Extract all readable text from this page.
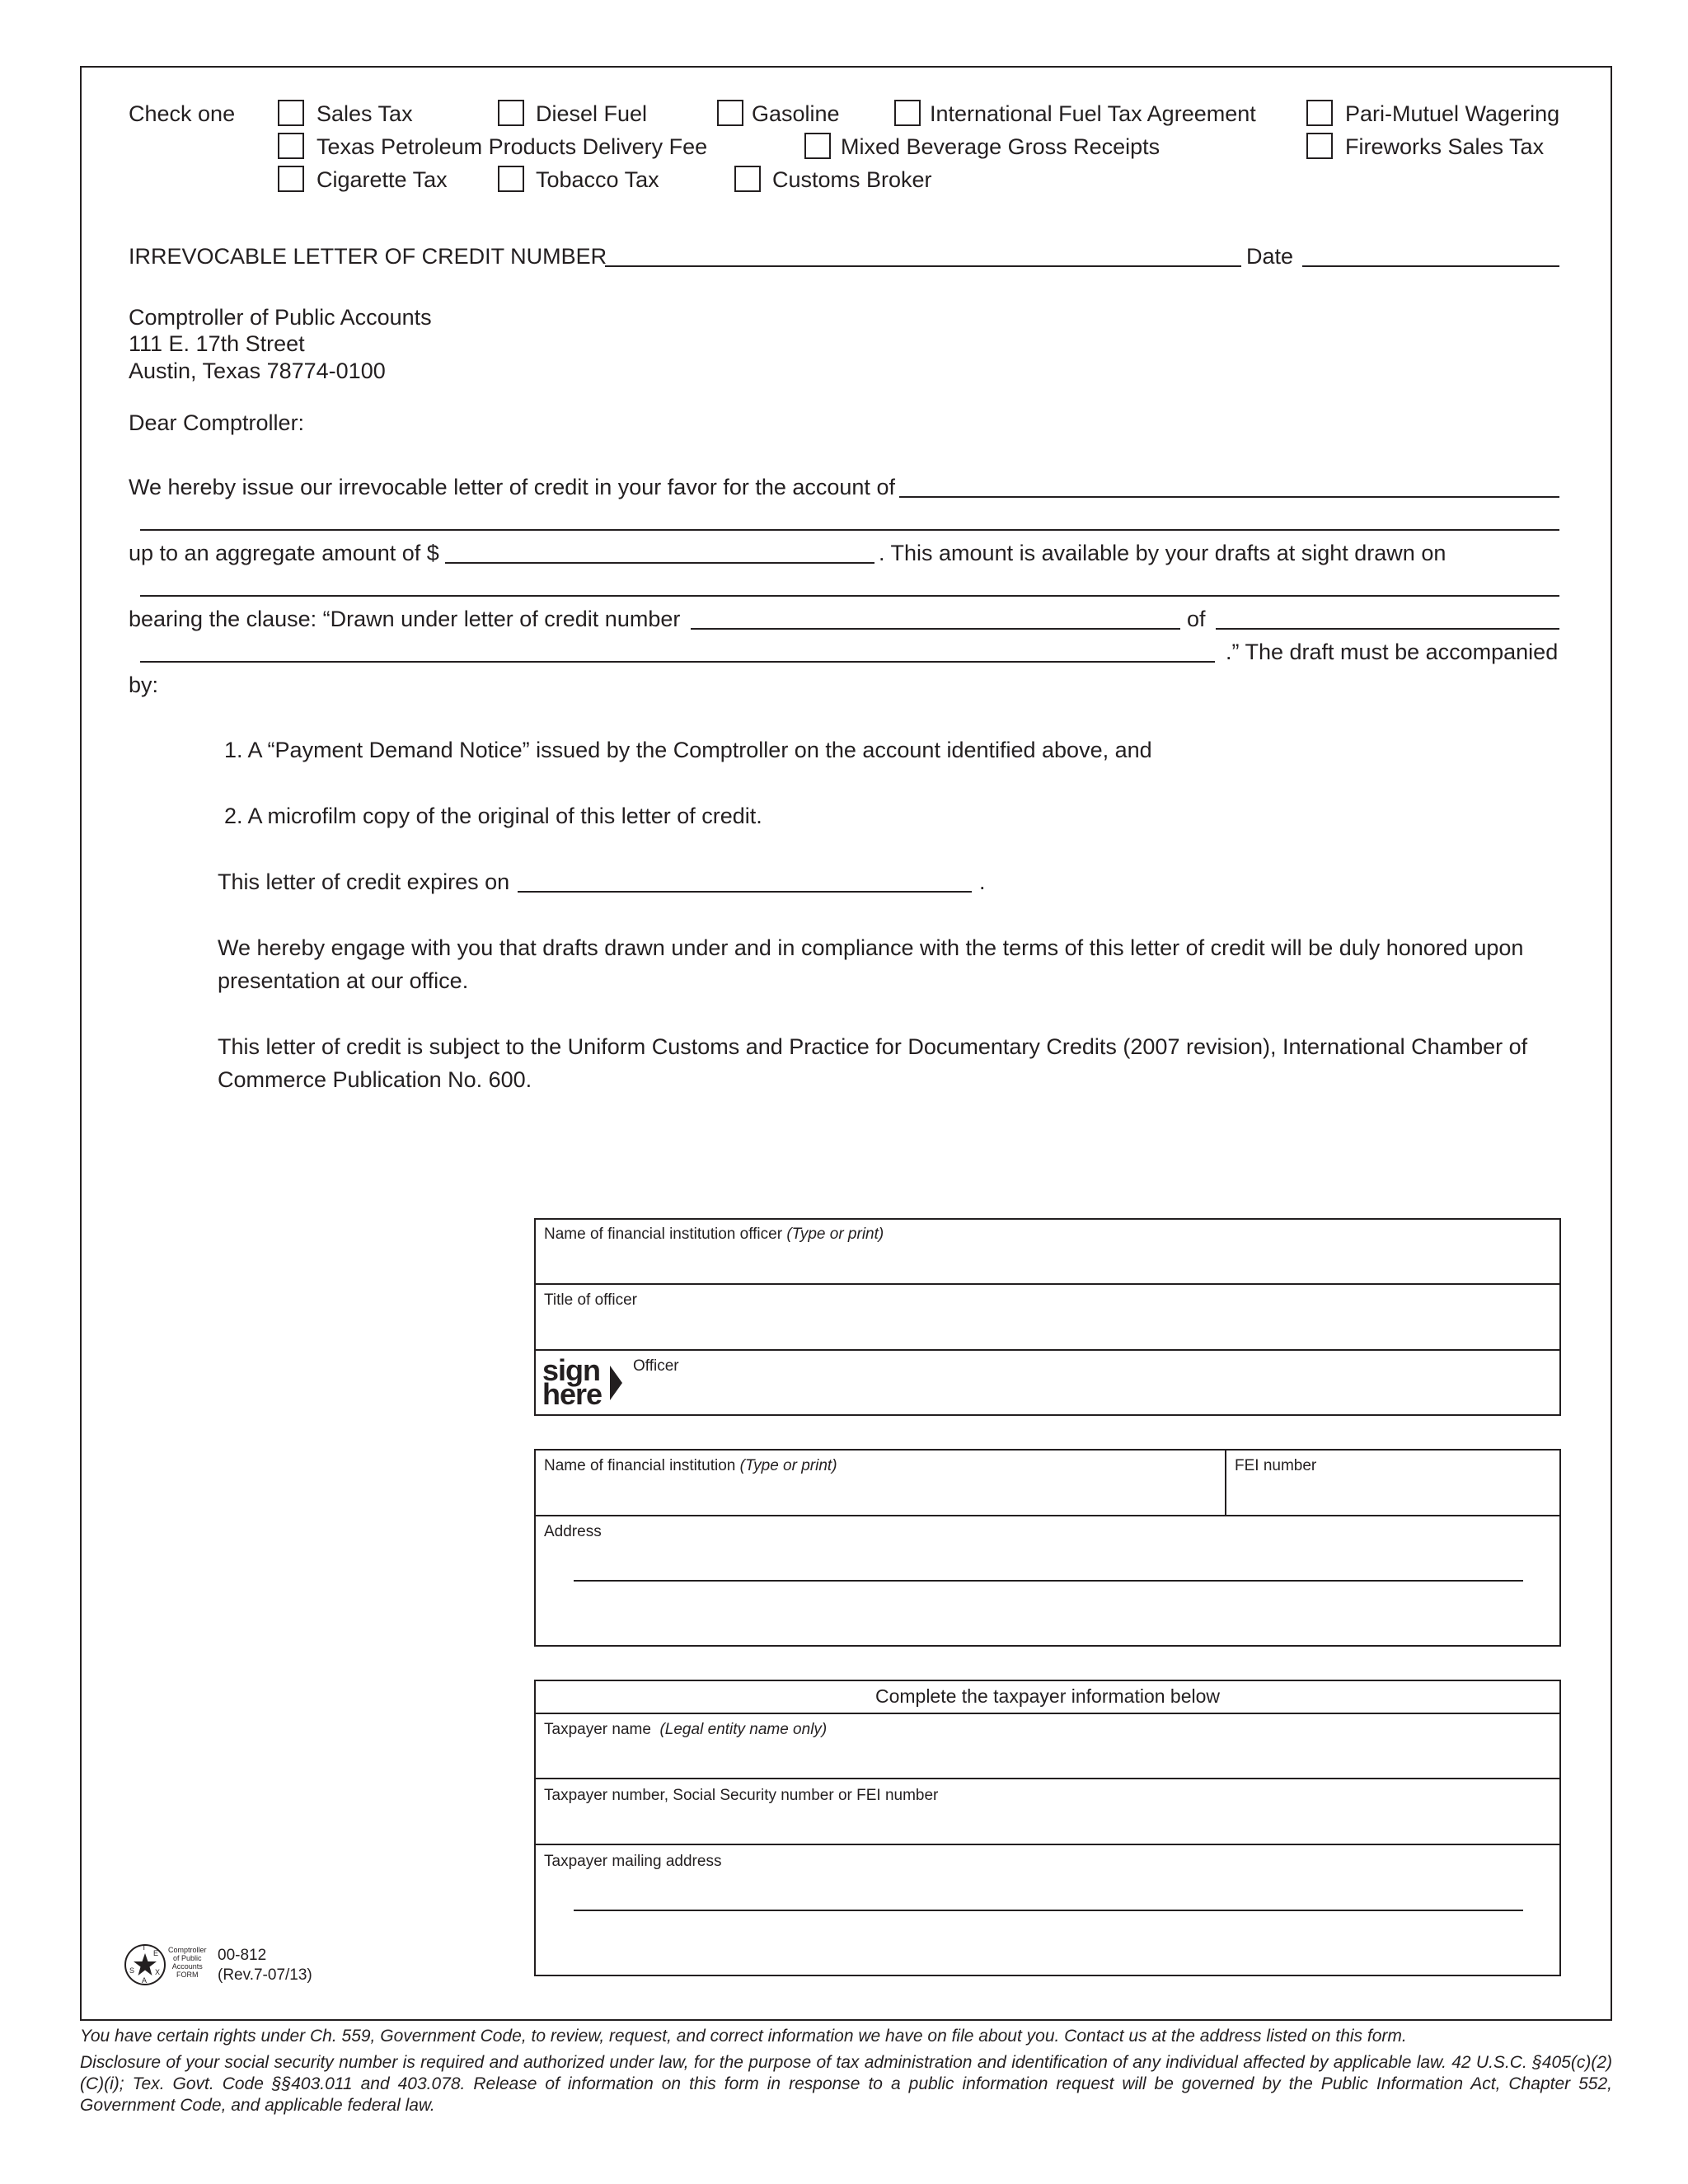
Check one	Sales Tax	Diesel Fuel	Gasoline	International Fuel Tax Agreement	Pari-Mutuel Wagering
Texas Petroleum Products Delivery Fee	Mixed Beverage Gross Receipts	Fireworks Sales Tax
Cigarette Tax	Tobacco Tax	Customs Broker
IRREVOCABLE LETTER OF CREDIT NUMBER	Date
Comptroller of Public Accounts
111 E. 17th Street
Austin, Texas 78774-0100
Dear Comptroller:
We hereby issue our irrevocable letter of credit in your favor for the account of
up to an aggregate amount of $	. This amount is available by your drafts at sight drawn on
bearing the clause: “Drawn under letter of credit number	of
.” The draft must be accompanied
by:
1. A “Payment Demand Notice” issued by the Comptroller on the account identified above, and
2. A microfilm copy of the original of this letter of credit.
This letter of credit expires on	.
We hereby engage with you that drafts drawn under and in compliance with the terms of this letter of credit will be duly honored upon
presentation at our office.
This letter of credit is subject to the Uniform Customs and Practice for Documentary Credits (2007 revision), International Chamber of
Commerce Publication No. 600.
Name of financial institution officer (Type or print)
Title of officer
sign
here
Officer
Name of financial institution (Type or print)	FEI number
Address
Complete the taxpayer information below
Taxpayer name (Legal entity name only)
Taxpayer number, Social Security number or FEI number
Taxpayer mailing address
T
E
X
A
S
Comptroller
of Public
Accounts
FORM
00-812
(Rev.7-07/13)
You have certain rights under Ch. 559, Government Code, to review, request, and correct information we have on file about you. Contact us at the address listed on this form.
Disclosure of your social security number is required and authorized under law, for the purpose of tax administration and identification of any individual affected by applicable law. 42 U.S.C. §405(c)(2)(C)(i); Tex. Govt. Code §§403.011 and 403.078. Release of information on this form in response to a public information request will be governed by the Public Information Act, Chapter 552, Government Code, and applicable federal law.
